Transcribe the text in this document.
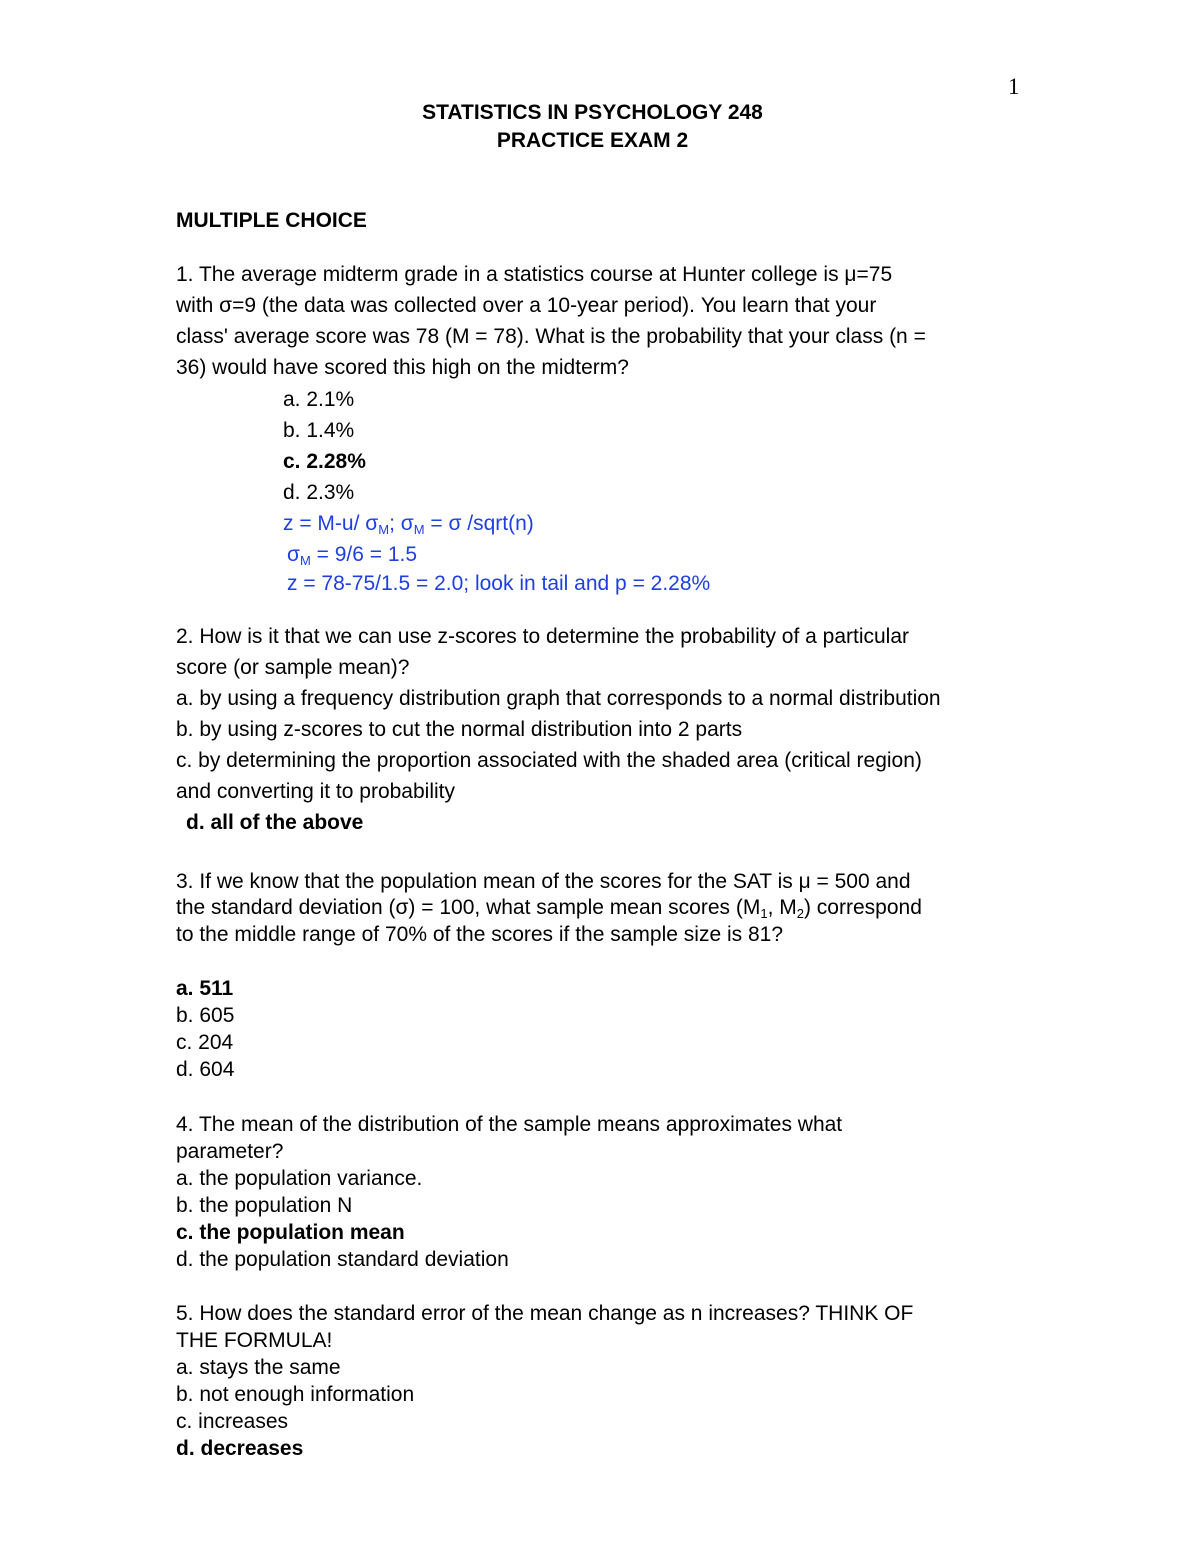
1
STATISTICS IN PSYCHOLOGY 248
PRACTICE EXAM 2
MULTIPLE CHOICE
1. The average midterm grade in a statistics course at Hunter college is μ=75
with σ=9 (the data was collected over a 10-year period). You learn that your
class' average score was 78 (M = 78). What is the probability that your class (n =
36) would have scored this high on the midterm?
a. 2.1%
b. 1.4%
c. 2.28%
d. 2.3%
z = M-u/ $\sigma_M$; $\sigma_M = \sigma$ /sqrt(n)
$\sigma_M = 9/6 = 1.5$
z = 78-75/1.5 = 2.0; look in tail and p = 2.28%
2. How is it that we can use z-scores to determine the probability of a particular
score (or sample mean)?
a. by using a frequency distribution graph that corresponds to a normal distribution
b. by using z-scores to cut the normal distribution into 2 parts
c. by determining the proportion associated with the shaded area (critical region)
and converting it to probability
d. all of the above
3. If we know that the population mean of the scores for the SAT is μ = 500 and
the standard deviation (σ) = 100, what sample mean scores ($M_1$, $M_2$) correspond
to the middle range of 70% of the scores if the sample size is 81?
a. 511
b. 605
c. 204
d. 604
4. The mean of the distribution of the sample means approximates what
parameter?
a. the population variance.
b. the population N
c. the population mean
d. the population standard deviation
5. How does the standard error of the mean change as n increases? THINK OF
THE FORMULA!
a. stays the same
b. not enough information
c. increases
d. decreases
